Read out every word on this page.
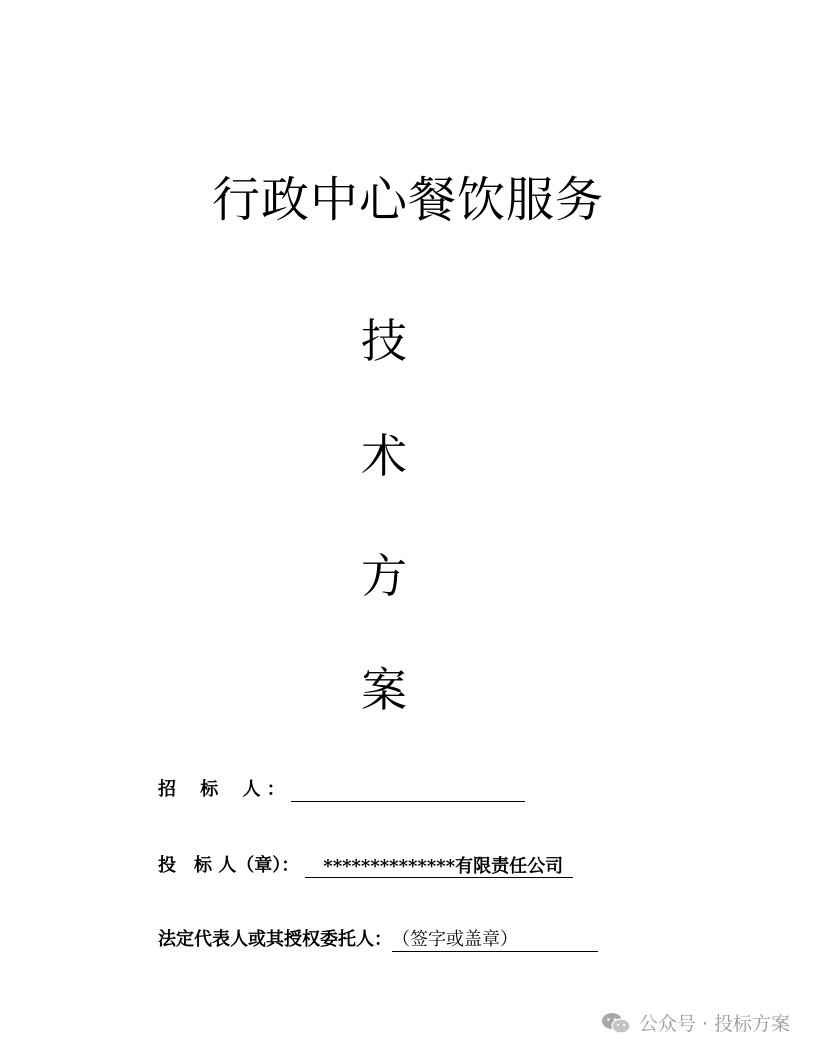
行政中心餐饮服务
技
术
方
案
招　 标　 人 ：
投　标 人（章）： **************有限责任公司
法定代表人或其授权委托人：（签字或盖章）
公众号 · 投标方案
